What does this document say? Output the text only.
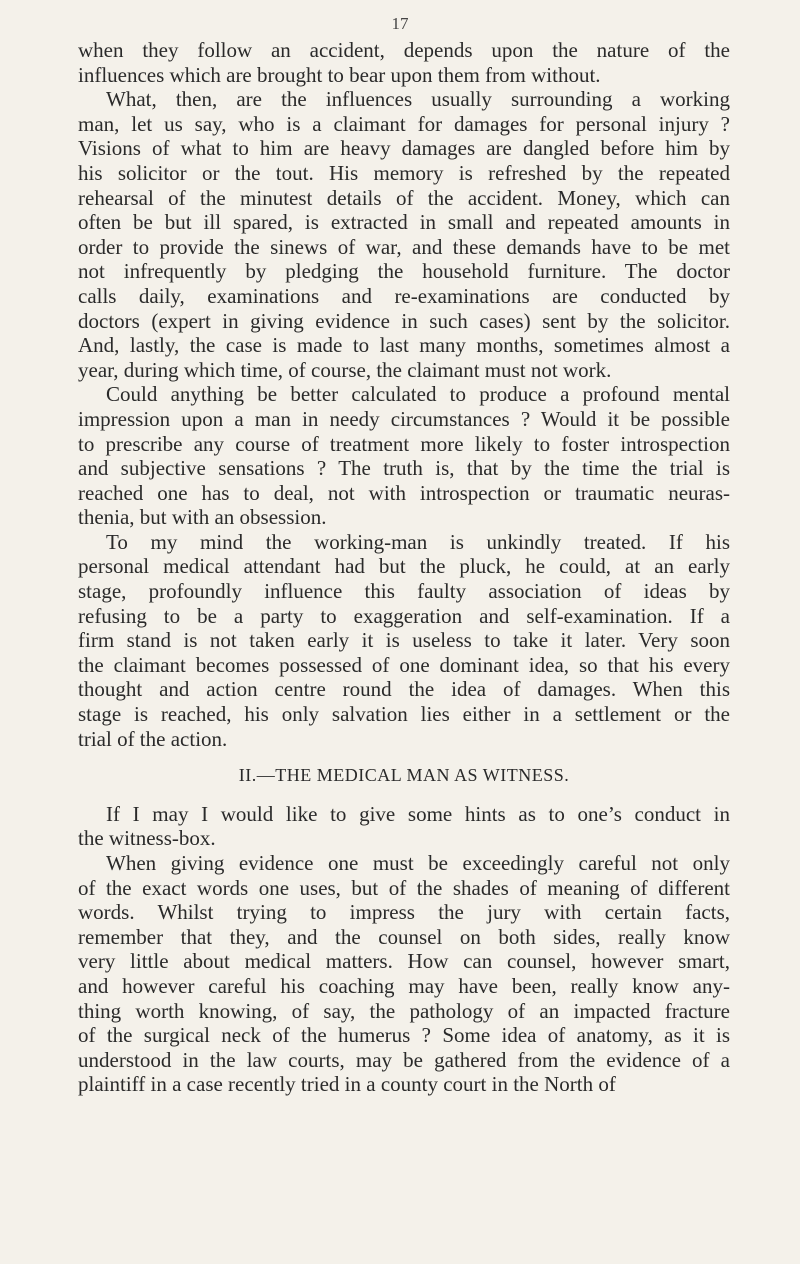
17
when they follow an accident, depends upon the nature of the
influences which are brought to bear upon them from without.
What, then, are the influences usually surrounding a working
man, let us say, who is a claimant for damages for personal injury ?
Visions of what to him are heavy damages are dangled before him by
his solicitor or the tout. His memory is refreshed by the repeated
rehearsal of the minutest details of the accident. Money, which can
often be but ill spared, is extracted in small and repeated amounts in
order to provide the sinews of war, and these demands have to be met
not infrequently by pledging the household furniture. The doctor
calls daily, examinations and re-examinations are conducted by
doctors (expert in giving evidence in such cases) sent by the solicitor.
And, lastly, the case is made to last many months, sometimes almost a
year, during which time, of course, the claimant must not work.
Could anything be better calculated to produce a profound mental
impression upon a man in needy circumstances ? Would it be possible
to prescribe any course of treatment more likely to foster introspection
and subjective sensations ? The truth is, that by the time the trial is
reached one has to deal, not with introspection or traumatic neuras-
thenia, but with an obsession.
To my mind the working-man is unkindly treated. If his
personal medical attendant had but the pluck, he could, at an early
stage, profoundly influence this faulty association of ideas by
refusing to be a party to exaggeration and self-examination. If a
firm stand is not taken early it is useless to take it later. Very soon
the claimant becomes possessed of one dominant idea, so that his every
thought and action centre round the idea of damages. When this
stage is reached, his only salvation lies either in a settlement or the
trial of the action.
II.—THE MEDICAL MAN AS WITNESS.
If I may I would like to give some hints as to one’s conduct in
the witness-box.
When giving evidence one must be exceedingly careful not only
of the exact words one uses, but of the shades of meaning of different
words. Whilst trying to impress the jury with certain facts,
remember that they, and the counsel on both sides, really know
very little about medical matters. How can counsel, however smart,
and however careful his coaching may have been, really know any-
thing worth knowing, of say, the pathology of an impacted fracture
of the surgical neck of the humerus ? Some idea of anatomy, as it is
understood in the law courts, may be gathered from the evidence of a
plaintiff in a case recently tried in a county court in the North of
